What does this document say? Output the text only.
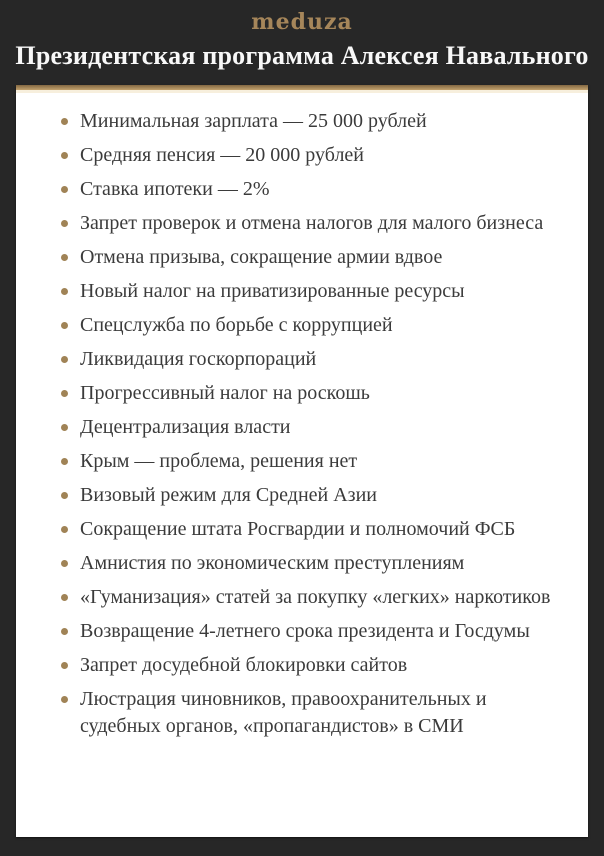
meduza
Президентская программа Алексея Навального
Минимальная зарплата — 25 000 рублей
Средняя пенсия — 20 000 рублей
Ставка ипотеки — 2%
Запрет проверок и отмена налогов для малого бизнеса
Отмена призыва, сокращение армии вдвое
Новый налог на приватизированные ресурсы
Спецслужба по борьбе с коррупцией
Ликвидация госкорпораций
Прогрессивный налог на роскошь
Децентрализация власти
Крым — проблема, решения нет
Визовый режим для Средней Азии
Сокращение штата Росгвардии и полномочий ФСБ
Амнистия по экономическим преступлениям
«Гуманизация» статей за покупку «легких» наркотиков
Возвращение 4-летнего срока президента и Госдумы
Запрет досудебной блокировки сайтов
Люстрация чиновников, правоохранительных и судебных органов, «пропагандистов» в СМИ
